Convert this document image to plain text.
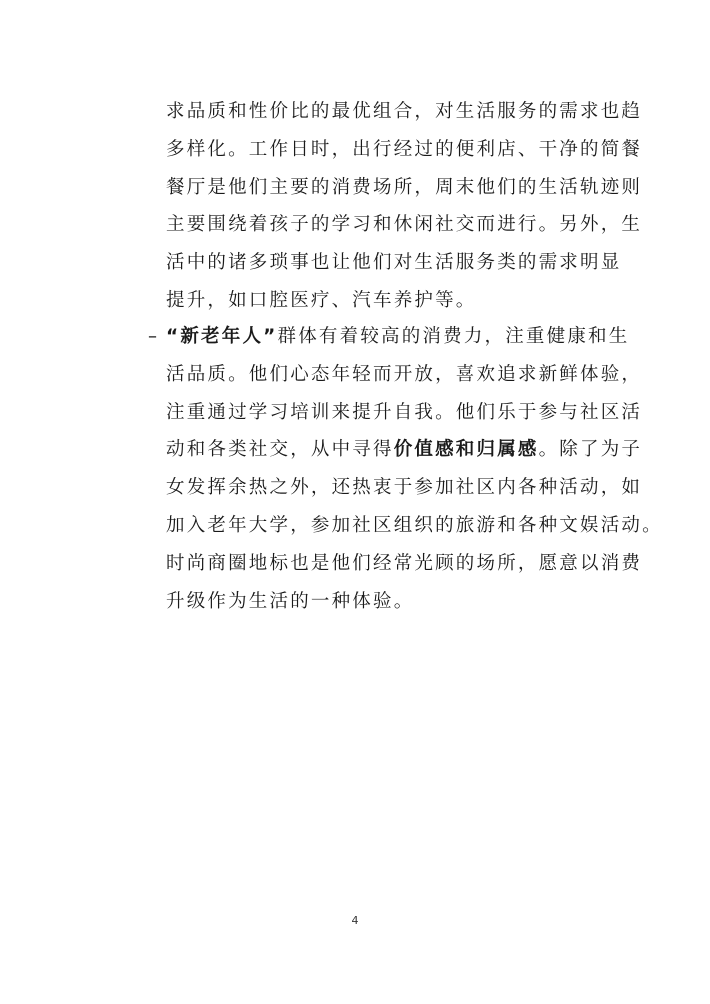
求品质和性价比的最优组合，对生活服务的需求也趋
多样化。工作日时，出行经过的便利店、干净的简餐
餐厅是他们主要的消费场所，周末他们的生活轨迹则
主要围绕着孩子的学习和休闲社交而进行。另外，生
活中的诸多琐事也让他们对生活服务类的需求明显
提升，如口腔医疗、汽车养护等。

– “新老年人”群体有着较高的消费力，注重健康和生
活品质。他们心态年轻而开放，喜欢追求新鲜体验，
注重通过学习培训来提升自我。他们乐于参与社区活
动和各类社交，从中寻得价值感和归属感。除了为子
女发挥余热之外，还热衷于参加社区内各种活动，如
加入老年大学，参加社区组织的旅游和各种文娱活动。
时尚商圈地标也是他们经常光顾的场所，愿意以消费
升级作为生活的一种体验。

4
